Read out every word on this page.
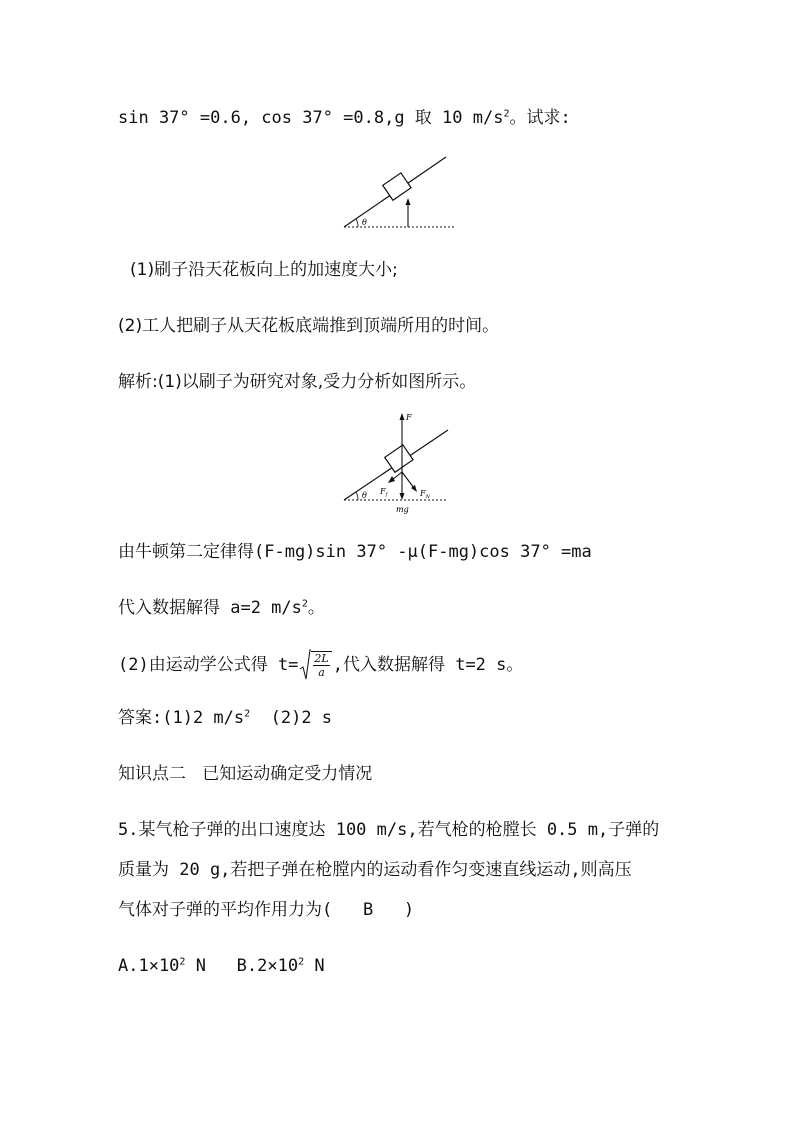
sin 37° =0.6, cos 37° =0.8,g 取 10 $m/s^2$。试求:
θ
(1)刷子沿天花板向上的加速度大小;
(2)工人把刷子从天花板底端推到顶端所用的时间。
解析:(1)以刷子为研究对象,受力分析如图所示。
F
mg
$F_f$	$F_N$
θ
由牛顿第二定律得(F-mg)sin 37° -μ(F-mg)cos 37° =ma
代入数据解得 a=2 $m/s^2$。
(2)由运动学公式得 $t= \frac{2L}{a}$ ,代入数据解得 t=2 s。
答案:(1)2 $m/s^2$  (2)2 s
知识点二   已知运动确定受力情况
5.某气枪子弹的出口速度达 100 m/s,若气枪的枪膛长 0.5 m,子弹的
质量为 20 g,若把子弹在枪膛内的运动看作匀变速直线运动,则高压
气体对子弹的平均作用力为(   B   )
$A.1\times 10^2$ N   $B.2\times 10^2$ N
